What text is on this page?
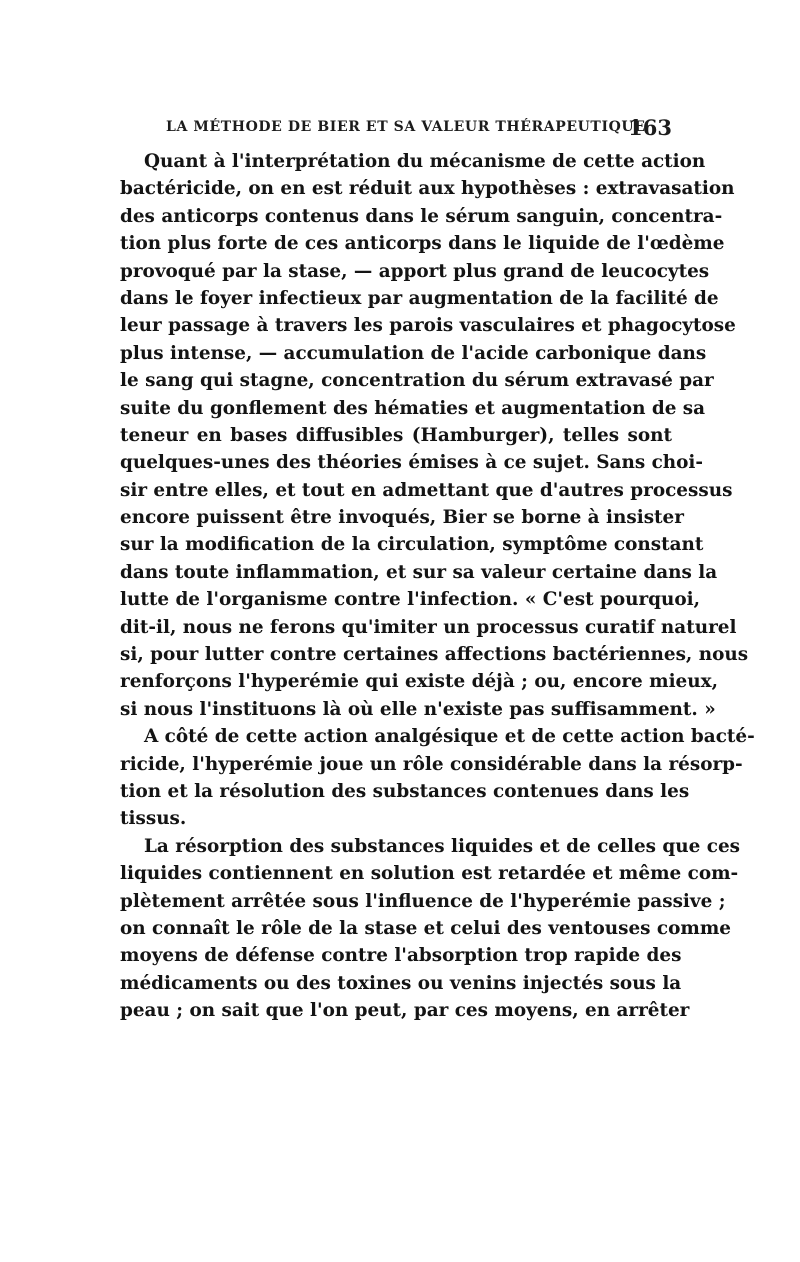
LA MÉTHODE DE BIER ET SA VALEUR THÉRAPEUTIQUE
163
Quant à l'interprétation du mécanisme de cette action
bactéricide, on en est réduit aux hypothèses : extravasation
des anticorps contenus dans le sérum sanguin, concentra-
tion plus forte de ces anticorps dans le liquide de l'œdème
provoqué par la stase, — apport plus grand de leucocytes
dans le foyer infectieux par augmentation de la facilité de
leur passage à travers les parois vasculaires et phagocytose
plus intense, — accumulation de l'acide carbonique dans
le sang qui stagne, concentration du sérum extravasé par
suite du gonflement des hématies et augmentation de sa
teneur en bases diffusibles (Hamburger), telles sont
quelques-unes des théories émises à ce sujet. Sans choi-
sir entre elles, et tout en admettant que d'autres processus
encore puissent être invoqués, Bier se borne à insister
sur la modification de la circulation, symptôme constant
dans toute inflammation, et sur sa valeur certaine dans la
lutte de l'organisme contre l'infection. « C'est pourquoi,
dit-il, nous ne ferons qu'imiter un processus curatif naturel
si, pour lutter contre certaines affections bactériennes, nous
renforçons l'hyperémie qui existe déjà ; ou, encore mieux,
si nous l'instituons là où elle n'existe pas suffisamment. »
A côté de cette action analgésique et de cette action bacté-
ricide, l'hyperémie joue un rôle considérable dans la résorp-
tion et la résolution des substances contenues dans les
tissus.
La résorption des substances liquides et de celles que ces
liquides contiennent en solution est retardée et même com-
plètement arrêtée sous l'influence de l'hyperémie passive ;
on connaît le rôle de la stase et celui des ventouses comme
moyens de défense contre l'absorption trop rapide des
médicaments ou des toxines ou venins injectés sous la
peau ; on sait que l'on peut, par ces moyens, en arrêter
